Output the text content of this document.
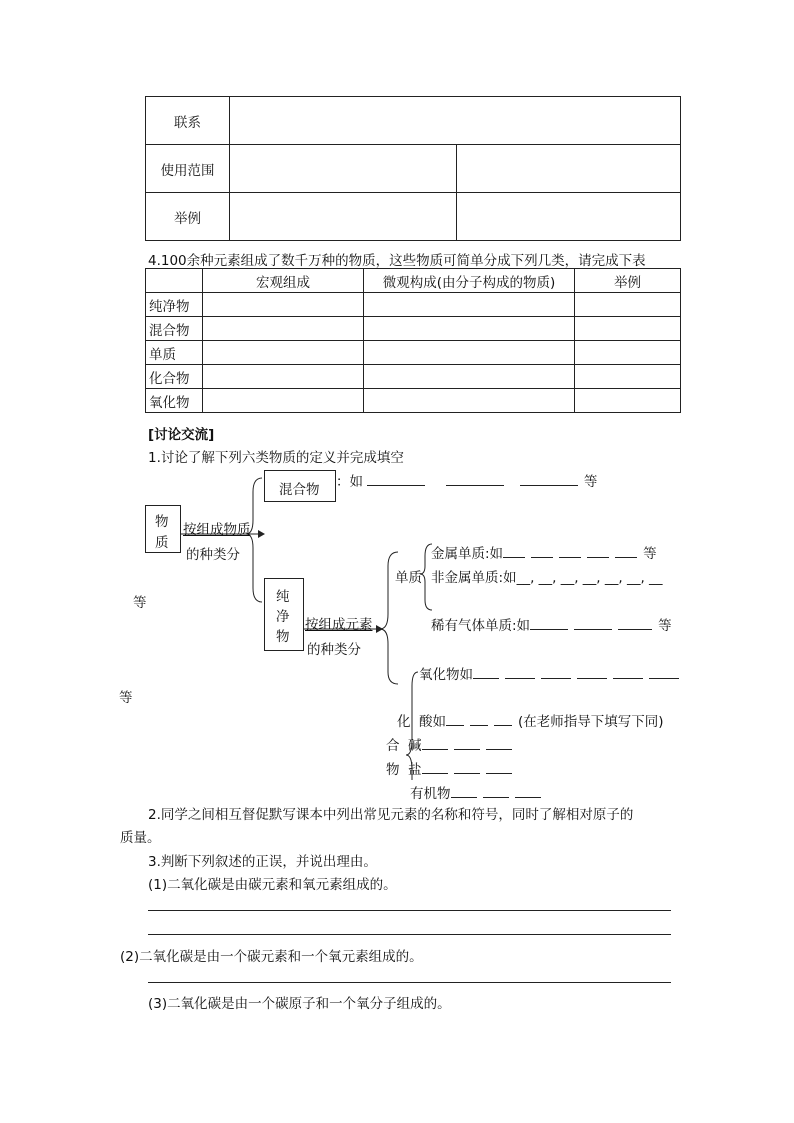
联系		
使用范围		
举例		
4.100余种元素组成了数千万种的物质，这些物质可简单分成下列几类，请完成下表
	宏观组成	微观构成(由分子构成的物质)	举例
纯净物			
混合物			
单质			
化合物			
氧化物			
[讨论交流]
1.讨论了解下列六类物质的定义并完成填空
物
质
混合物
纯
净
物
按组成物质
的种类分
：如	等
等
等
按组成元素
的种类分
单质
金属单质:如	等
非金属单质:如__, __, __, __, __, __, __
稀有气体单质:如	等
氧化物如
化
合
物
酸如	(在老师指导下填写下同)
碱
盐
有机物
2.同学之间相互督促默写课本中列出常见元素的名称和符号，同时了解相对原子的
质量。
3.判断下列叙述的正误，并说出理由。
(1)二氧化碳是由碳元素和氧元素组成的。
(2)二氧化碳是由一个碳元素和一个氧元素组成的。
(3)二氧化碳是由一个碳原子和一个氧分子组成的。
